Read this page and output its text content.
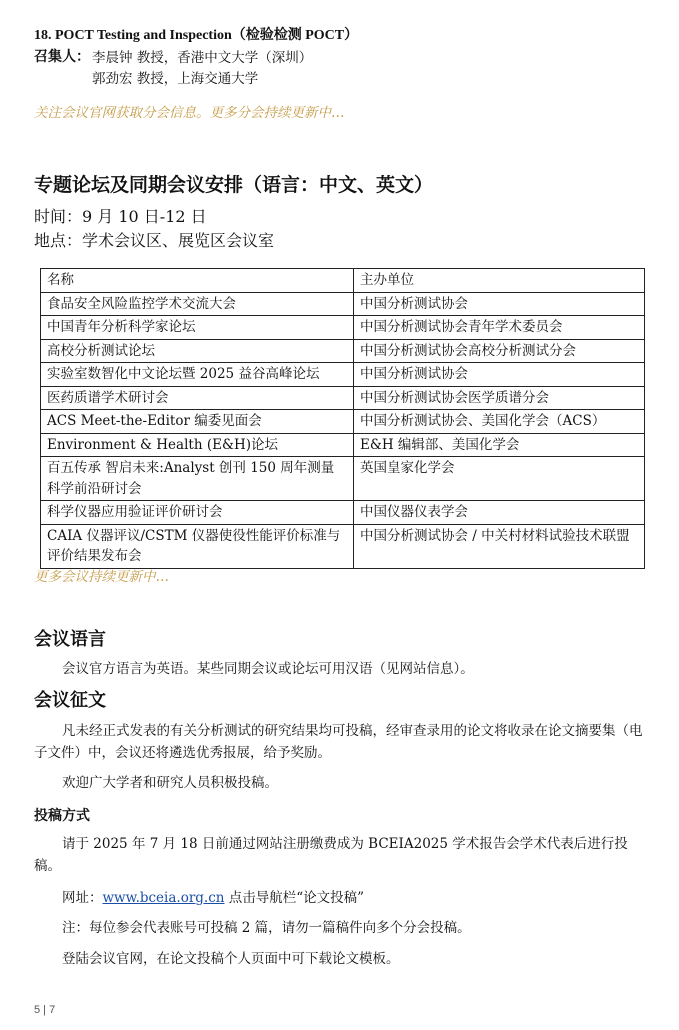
18. POCT Testing and Inspection（检验检测 POCT）
召集人： 李晨钟 教授，香港中文大学（深圳）
郭劲宏 教授，上海交通大学
关注会议官网获取分会信息。更多分会持续更新中…
专题论坛及同期会议安排（语言：中文、英文）
时间：9 月 10 日-12 日
地点：学术会议区、展览区会议室
名称	主办单位
食品安全风险监控学术交流大会	中国分析测试协会
中国青年分析科学家论坛	中国分析测试协会青年学术委员会
高校分析测试论坛	中国分析测试协会高校分析测试分会
实验室数智化中文论坛暨 2025 益谷高峰论坛	中国分析测试协会
医药质谱学术研讨会	中国分析测试协会医学质谱分会
ACS Meet-the-Editor 编委见面会	中国分析测试协会、美国化学会（ACS）
Environment & Health (E&H)论坛	E&H 编辑部、美国化学会
百五传承 智启未来:Analyst 创刊 150 周年测量科学前沿研讨会	英国皇家化学会
科学仪器应用验证评价研讨会	中国仪器仪表学会
CAIA 仪器评议/CSTM 仪器使役性能评价标准与评价结果发布会	中国分析测试协会 / 中关村材料试验技术联盟
更多会议持续更新中…
会议语言
会议官方语言为英语。某些同期会议或论坛可用汉语（见网站信息）。
会议征文
凡未经正式发表的有关分析测试的研究结果均可投稿，经审查录用的论文将收录在论文摘要集（电子文件）中，会议还将遴选优秀报展，给予奖励。
欢迎广大学者和研究人员积极投稿。
投稿方式
请于 2025 年 7 月 18 日前通过网站注册缴费成为 BCEIA2025 学术报告会学术代表后进行投稿。
网址：www.bceia.org.cn 点击导航栏“论文投稿”
注：每位参会代表账号可投稿 2 篇，请勿一篇稿件向多个分会投稿。
登陆会议官网，在论文投稿个人页面中可下载论文模板。
5 | 7
